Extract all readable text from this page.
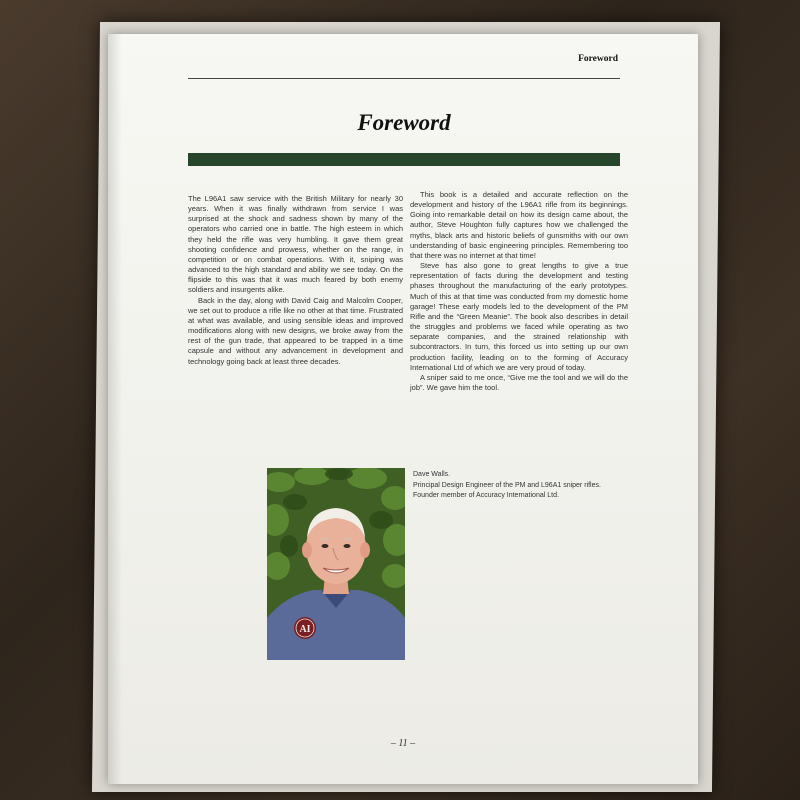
Foreword
Foreword

The L96A1 saw service with the British Military for nearly 30 years. When it was finally withdrawn from service I was surprised at the shock and sadness shown by many of the operators who carried one in battle. The high esteem in which they held the rifle was very humbling. It gave them great shooting confidence and prowess, whether on the range, in competition or on combat operations. With it, sniping was advanced to the high standard and ability we see today. On the flipside to this was that it was much feared by both enemy soldiers and insurgents alike.

Back in the day, along with David Caig and Malcolm Cooper, we set out to produce a rifle like no other at that time. Frustrated at what was available, and using sensible ideas and improved modifications along with new designs, we broke away from the rest of the gun trade, that appeared to be trapped in a time capsule and without any advancement in development and technology going back at least three decades.

This book is a detailed and accurate reflection on the development and history of the L96A1 rifle from its beginnings. Going into remarkable detail on how its design came about, the author, Steve Houghton fully captures how we challenged the myths, black arts and historic beliefs of gunsmiths with our own understanding of basic engineering principles. Remembering too that there was no internet at that time!

Steve has also gone to great lengths to give a true representation of facts during the development and testing phases throughout the manufacturing of the early prototypes. Much of this at that time was conducted from my domestic home garage! These early models led to the development of the PM Rifle and the “Green Meanie”. The book also describes in detail the struggles and problems we faced while operating as two separate companies, and the strained relationship with subcontractors. In turn, this forced us into setting up our own production facility, leading on to the forming of Accuracy International Ltd of which we are very proud of today.

A sniper said to me once, “Give me the tool and we will do the job”. We gave him the tool.

AI
Dave Walls.
Principal Design Engineer of the PM and L96A1 sniper rifles.
Founder member of Accuracy International Ltd.
– 11 –
